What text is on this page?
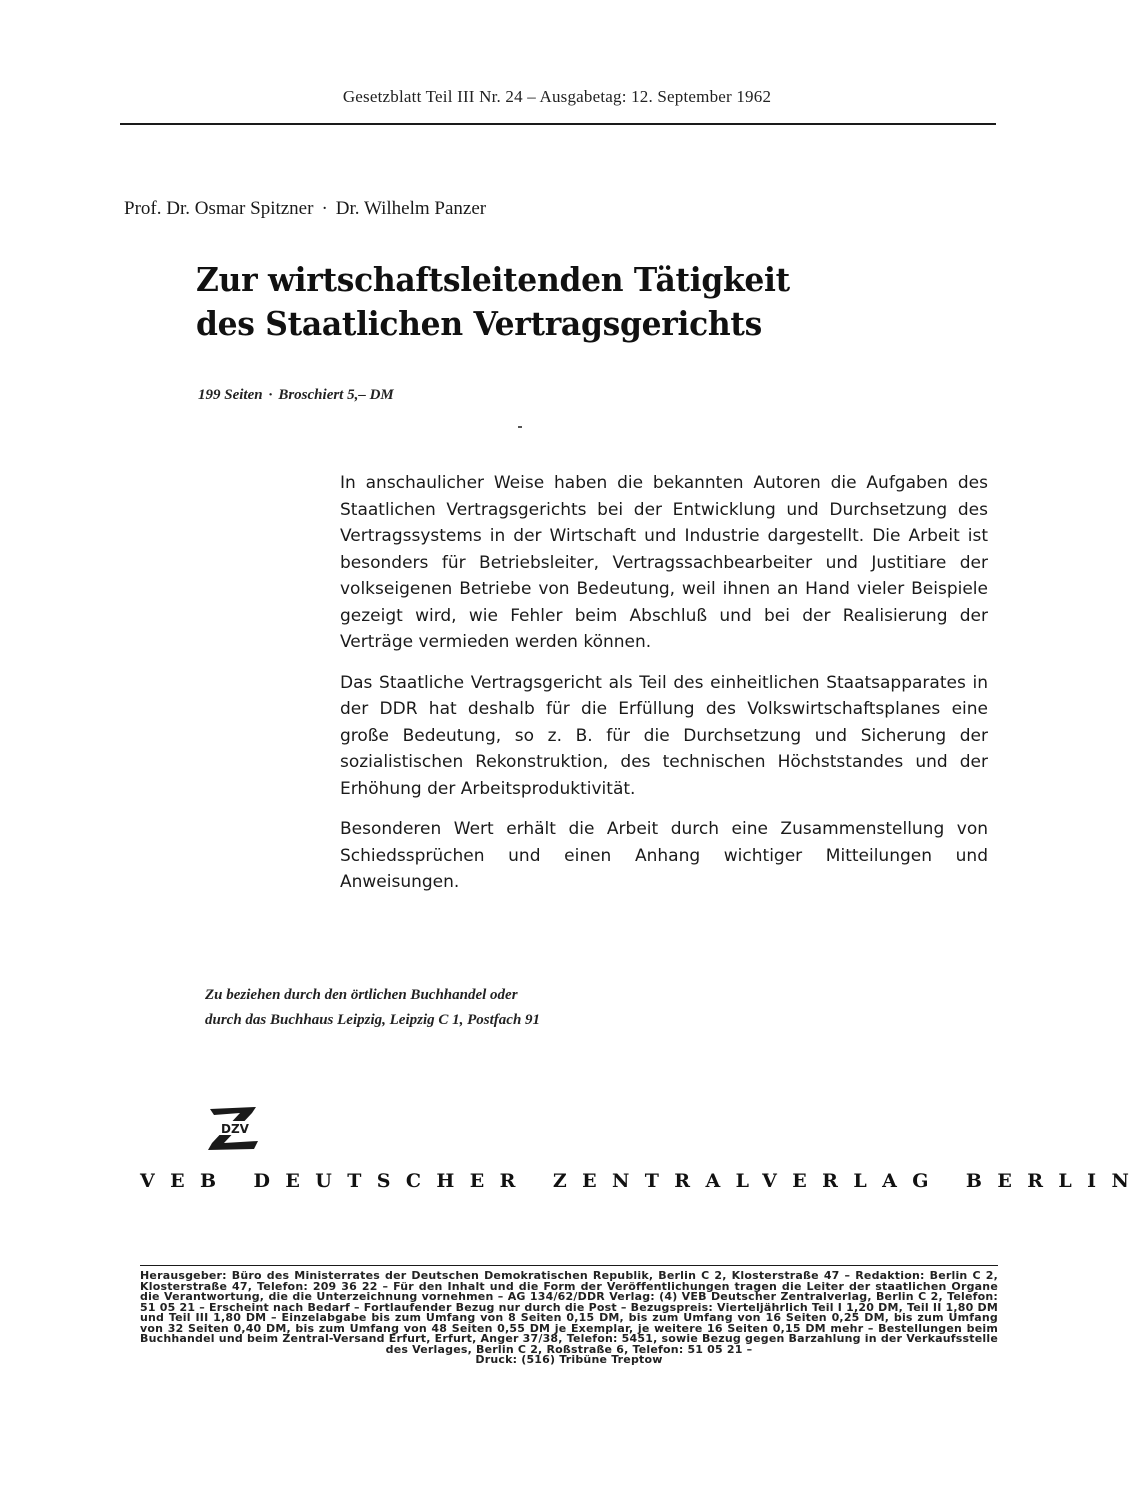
Gesetzblatt Teil III Nr. 24 – Ausgabetag: 12. September 1962
Prof. Dr. Osmar Spitzner · Dr. Wilhelm Panzer
Zur wirtschaftsleitenden Tätigkeit
des Staatlichen Vertragsgerichts
199 Seiten · Broschiert 5,– DM

In anschaulicher Weise haben die bekannten Autoren die Aufgaben des Staatlichen Vertragsgerichts bei der Entwicklung und Durchsetzung des Vertragssystems in der Wirtschaft und Industrie dargestellt. Die Arbeit ist besonders für Betriebsleiter, Vertragssachbearbeiter und Justitiare der volkseigenen Betriebe von Bedeutung, weil ihnen an Hand vieler Beispiele gezeigt wird, wie Fehler beim Abschluß und bei der Realisierung der Verträge vermieden werden können.

Das Staatliche Vertragsgericht als Teil des einheitlichen Staatsapparates in der DDR hat deshalb für die Erfüllung des Volkswirtschaftsplanes eine große Bedeutung, so z. B. für die Durchsetzung und Sicherung der sozialistischen Rekonstruktion, des technischen Höchststandes und der Erhöhung der Arbeitsproduktivität.

Besonderen Wert erhält die Arbeit durch eine Zusammenstellung von Schiedssprüchen und einen Anhang wichtiger Mitteilungen und Anweisungen.

Zu beziehen durch den örtlichen Buchhandel oder
durch das Buchhaus Leipzig, Leipzig C 1, Postfach 91
DZV
VEB DEUTSCHER ZENTRALVERLAG BERLIN

Herausgeber: Büro des Ministerrates der Deutschen Demokratischen Republik, Berlin C 2, Klosterstraße 47 – Redaktion: Berlin C 2, Klosterstraße 47, Telefon: 209 36 22 – Für den Inhalt und die Form der Veröffentlichungen tragen die Leiter der staatlichen Organe die Verantwortung, die die Unterzeichnung vornehmen – AG 134/62/DDR Verlag: (4) VEB Deutscher Zentralverlag, Berlin C 2, Telefon: 51 05 21 – Erscheint nach Bedarf – Fortlaufender Bezug nur durch die Post – Bezugspreis: Vierteljährlich Teil I 1,20 DM, Teil II 1,80 DM und Teil III 1,80 DM – Einzelabgabe bis zum Umfang von 8 Seiten 0,15 DM, bis zum Umfang von 16 Seiten 0,25 DM, bis zum Umfang von 32 Seiten 0,40 DM, bis zum Umfang von 48 Seiten 0,55 DM je Exemplar, je weitere 16 Seiten 0,15 DM mehr – Bestellungen beim Buchhandel und beim Zentral-Versand Erfurt, Erfurt, Anger 37/38, Telefon: 5451, sowie Bezug gegen Barzahlung in der Verkaufsstelle des Verlages, Berlin C 2, Roßstraße 6, Telefon: 51 05 21 –

Druck: (516) Tribüne Treptow
